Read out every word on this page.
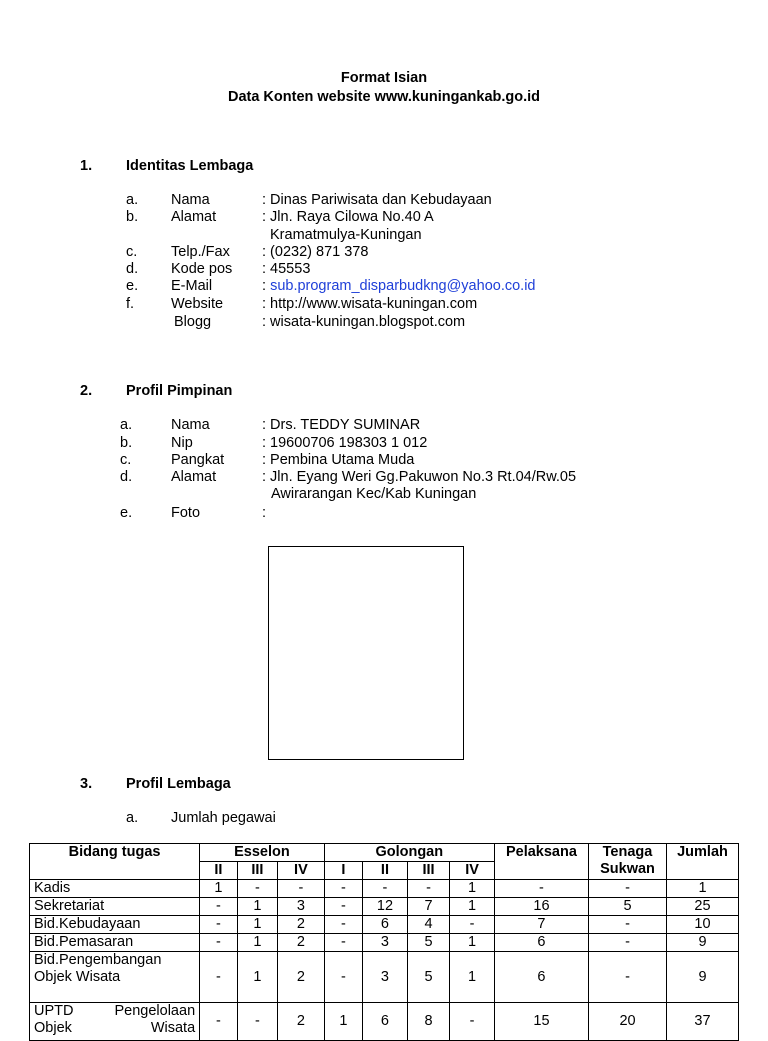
Format Isian
Data Konten website www.kuningankab.go.id
1. Identitas Lembaga
a. Nama	: Dinas Pariwisata dan Kebudayaan
b. Alamat	: Jln. Raya Cilowa No.40 A
Kramatmulya-Kuningan
c. Telp./Fax : (0232) 871 378
d. Kode pos : 45553
e. E-Mail	: sub.program_disparbudkng@yahoo.co.id
f.	Website	: http://www.wisata-kuningan.com
Blogg	: wisata-kuningan.blogspot.com
2. Profil Pimpinan
a.	Nama	: Drs. TEDDY SUMINAR
b.	Nip	: 19600706 198303 1 012
c.	Pangkat	: Pembina Utama Muda
d.	Alamat	: Jln. Eyang Weri Gg.Pakuwon No.3 Rt.04/Rw.05
Awirarangan Kec/Kab Kuningan
e.	Foto	:
3. Profil Lembaga
a. Jumlah pegawai
Bidang tugas	Esselon			Golongan				Pelaksana	Tenaga Sukwan	Jumlah
	II	III	IV	I	II	III	IV			
Kadis	1	-	-	-	-	-	1	-	-	1
Sekretariat	-	1	3	-	12	7	1	16	5	25
Bid.Kebudayaan	-	1	2	-	6	4	-	7	-	10
Bid.Pemasaran	-	1	2	-	3	5	1	6	-	9
Bid.Pengembangan Objek Wisata	-	1	2	-	3	5	1	6	-	9
UPTD Pengelolaan Objek Wisata	-	-	2	1	6	8	-	15	20	37
